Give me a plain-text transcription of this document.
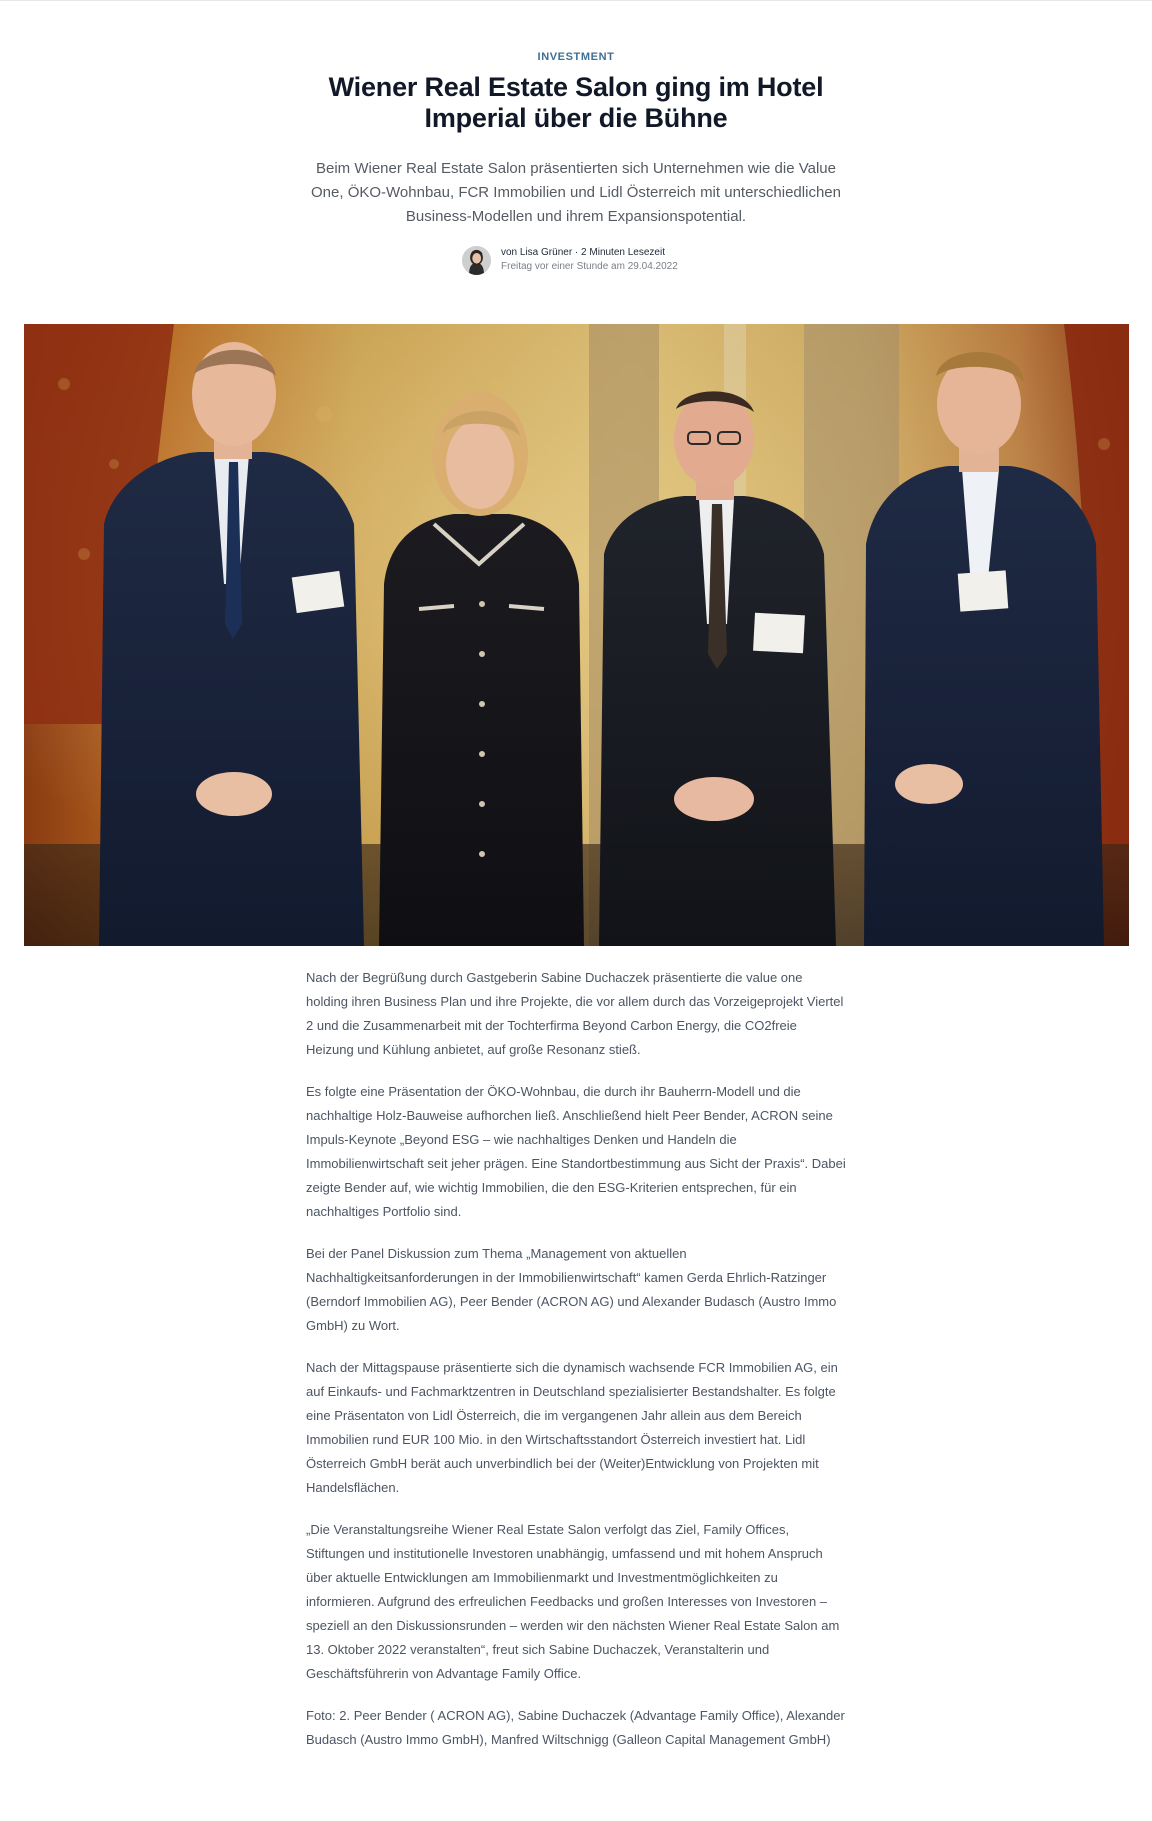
INVESTMENT
Wiener Real Estate Salon ging im Hotel Imperial über die Bühne

Beim Wiener Real Estate Salon präsentierten sich Unternehmen wie die Value One, ÖKO-Wohnbau, FCR Immobilien und Lidl Österreich mit unterschiedlichen Business-Modellen und ihrem Expansionspotential.

von Lisa Grüner · 2 Minuten Lesezeit
Freitag vor einer Stunde am 29.04.2022

Nach der Begrüßung durch Gastgeberin Sabine Duchaczek präsentierte die value one holding ihren Business Plan und ihre Projekte, die vor allem durch das Vorzeigeprojekt Viertel 2 und die Zusammenarbeit mit der Tochterfirma Beyond Carbon Energy, die CO2freie Heizung und Kühlung anbietet, auf große Resonanz stieß.

Es folgte eine Präsentation der ÖKO-Wohnbau, die durch ihr Bauherrn-Modell und die nachhaltige Holz-Bauweise aufhorchen ließ. Anschließend hielt Peer Bender, ACRON seine Impuls-Keynote „Beyond ESG – wie nachhaltiges Denken und Handeln die Immobilienwirtschaft seit jeher prägen. Eine Standortbestimmung aus Sicht der Praxis“. Dabei zeigte Bender auf, wie wichtig Immobilien, die den ESG-Kriterien entsprechen, für ein nachhaltiges Portfolio sind.

Bei der Panel Diskussion zum Thema „Management von aktuellen Nachhaltigkeitsanforderungen in der Immobilienwirtschaft“ kamen Gerda Ehrlich-Ratzinger (Berndorf Immobilien AG), Peer Bender (ACRON AG) und Alexander Budasch (Austro Immo GmbH) zu Wort.

Nach der Mittagspause präsentierte sich die dynamisch wachsende FCR Immobilien AG, ein auf Einkaufs- und Fachmarktzentren in Deutschland spezialisierter Bestandshalter. Es folgte eine Präsentaton von Lidl Österreich, die im vergangenen Jahr allein aus dem Bereich Immobilien rund EUR 100 Mio. in den Wirtschaftsstandort Österreich investiert hat. Lidl Österreich GmbH berät auch unverbindlich bei der (Weiter)Entwicklung von Projekten mit Handelsflächen.

„Die Veranstaltungsreihe Wiener Real Estate Salon verfolgt das Ziel, Family Offices, Stiftungen und institutionelle Investoren unabhängig, umfassend und mit hohem Anspruch über aktuelle Entwicklungen am Immobilienmarkt und Investmentmöglichkeiten zu informieren. Aufgrund des erfreulichen Feedbacks und großen Interesses von Investoren – speziell an den Diskussionsrunden – werden wir den nächsten Wiener Real Estate Salon am 13. Oktober 2022 veranstalten“, freut sich Sabine Duchaczek, Veranstalterin und Geschäftsführerin von Advantage Family Office.

Foto: 2. Peer Bender ( ACRON AG), Sabine Duchaczek (Advantage Family Office), Alexander Budasch (Austro Immo GmbH), Manfred Wiltschnigg (Galleon Capital Management GmbH)
